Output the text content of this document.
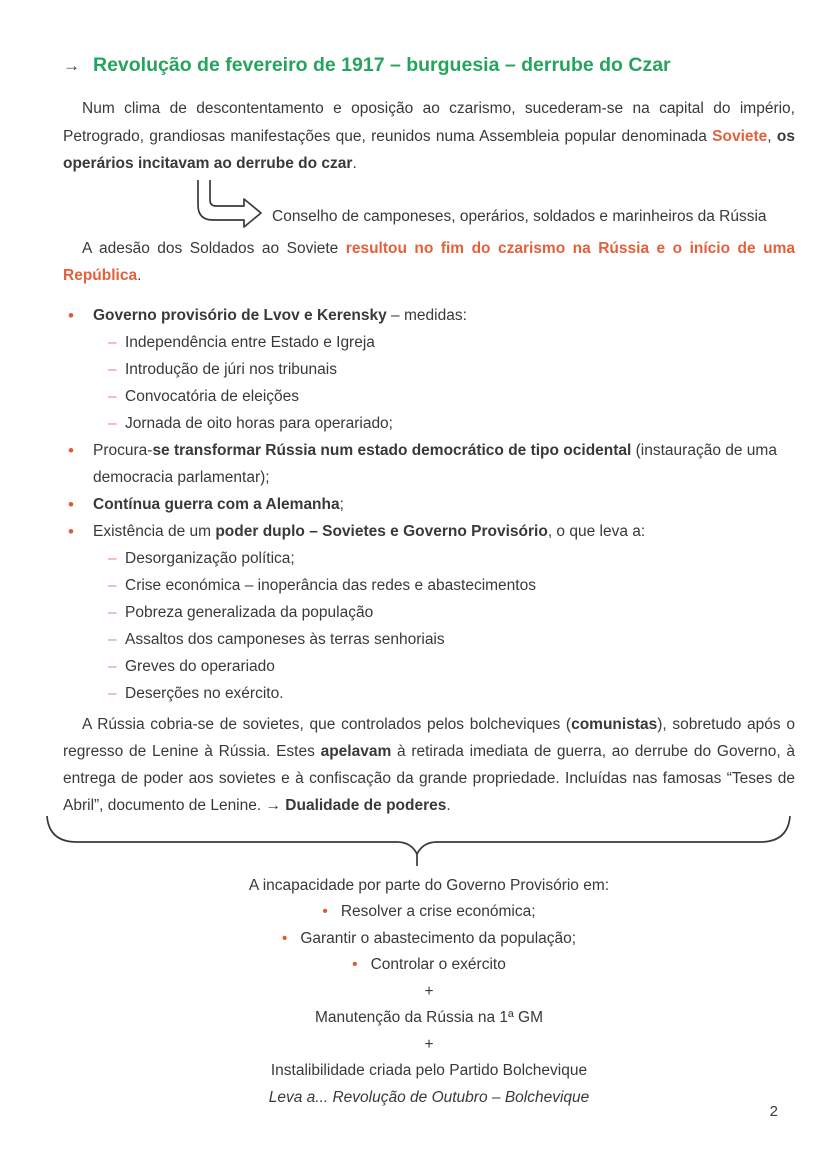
→ Revolução de fevereiro de 1917 – burguesia – derrube do Czar

Num clima de descontentamento e oposição ao czarismo, sucederam-se na capital do império, Petrogrado, grandiosas manifestações que, reunidos numa Assembleia popular denominada Soviete, os operários incitavam ao derrube do czar.

Conselho de camponeses, operários, soldados e marinheiros da Rússia

A adesão dos Soldados ao Soviete resultou no fim do czarismo na Rússia e o início de uma República.

• Governo provisório de Lvov e Kerensky – medidas:
– Independência entre Estado e Igreja
– Introdução de júri nos tribunais
– Convocatória de eleições
– Jornada de oito horas para operariado;
• Procura-se transformar Rússia num estado democrático de tipo ocidental (instauração de uma democracia parlamentar);
• Contínua guerra com a Alemanha;
• Existência de um poder duplo – Sovietes e Governo Provisório, o que leva a:
– Desorganização política;
– Crise económica – inoperância das redes e abastecimentos
– Pobreza generalizada da população
– Assaltos dos camponeses às terras senhoriais
– Greves do operariado
– Deserções no exército.

A Rússia cobria-se de sovietes, que controlados pelos bolcheviques (comunistas), sobretudo após o regresso de Lenine à Rússia. Estes apelavam à retirada imediata de guerra, ao derrube do Governo, à entrega de poder aos sovietes e à confiscação da grande propriedade. Incluídas nas famosas “Teses de Abril”, documento de Lenine. → Dualidade de poderes.

A incapacidade por parte do Governo Provisório em:
• Resolver a crise económica;
• Garantir o abastecimento da população;
• Controlar o exército
+
Manutenção da Rússia na 1ª GM
+
Instalibilidade criada pelo Partido Bolchevique
Leva a... Revolução de Outubro – Bolchevique
2
